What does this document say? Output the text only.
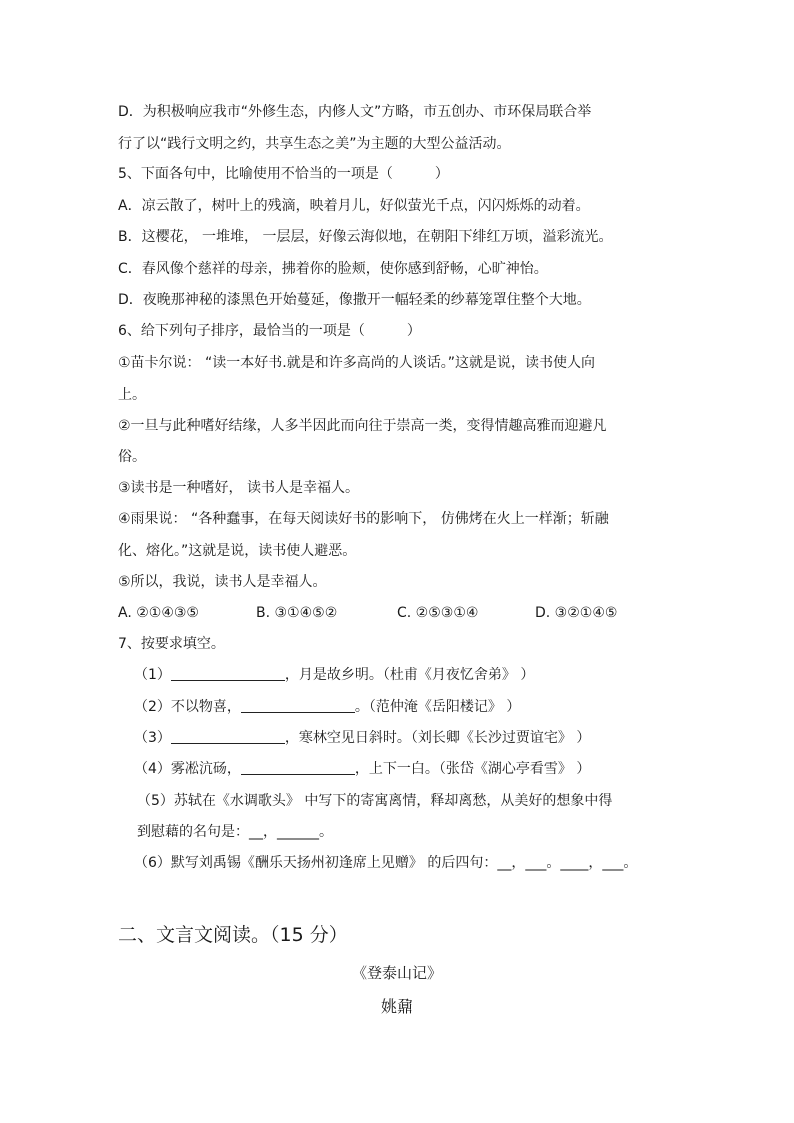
D．为积极响应我市“外修生态，内修人文”方略，市五创办、市环保局联合举
行了以“践行文明之约，共享生态之美”为主题的大型公益活动。
5、下面各句中，比喻使用不恰当的一项是（　　　）
A．凉云散了，树叶上的残滴，映着月儿，好似萤光千点，闪闪烁烁的动着。
B．这樱花， 一堆堆， 一层层，好像云海似地，在朝阳下绯红万顷，溢彩流光。
C．春风像个慈祥的母亲，拂着你的脸颊，使你感到舒畅，心旷神怡。
D．夜晚那神秘的漆黑色开始蔓延，像撒开一幅轻柔的纱幕笼罩住整个大地。
6、给下列句子排序，最恰当的一项是（　　　）
①苗卡尔说： “读一本好书.就是和许多高尚的人谈话。”这就是说，读书使人向
上。
②一旦与此种嗜好结缘，人多半因此而向往于崇高一类，变得情趣高雅而迎避凡
俗。
③读书是一种嗜好， 读书人是幸福人。
④雨果说： “各种蠢事，在每天阅读好书的影响下， 仿佛烤在火上一样渐；斩融
化、熔化。”这就是说，读书使人避恶。
⑤所以，我说，读书人是幸福人。
A. ②①④③⑤	B. ③①④⑤②	C. ②⑤③①④	D. ③②①④⑤
7、按要求填空。
（1）	，月是故乡明。（杜甫《月夜忆舍弟》 ）
（2）不以物喜，	。（范仲淹《岳阳楼记》 ）
（3）	，寒林空见日斜时。（刘长卿《长沙过贾谊宅》 ）
（4）雾凇沆砀，	，上下一白。（张岱《湖心亭看雪》 ）
（5）苏轼在《水调歌头》 中写下的寄寓离情，释却离愁，从美好的想象中得
到慰藉的名句是：__，______。
（6）默写刘禹锡《酬乐天扬州初逢席上见赠》 的后四句：__，___。____，___。
二、文言文阅读。（15 分）
《登泰山记》
姚鼐
